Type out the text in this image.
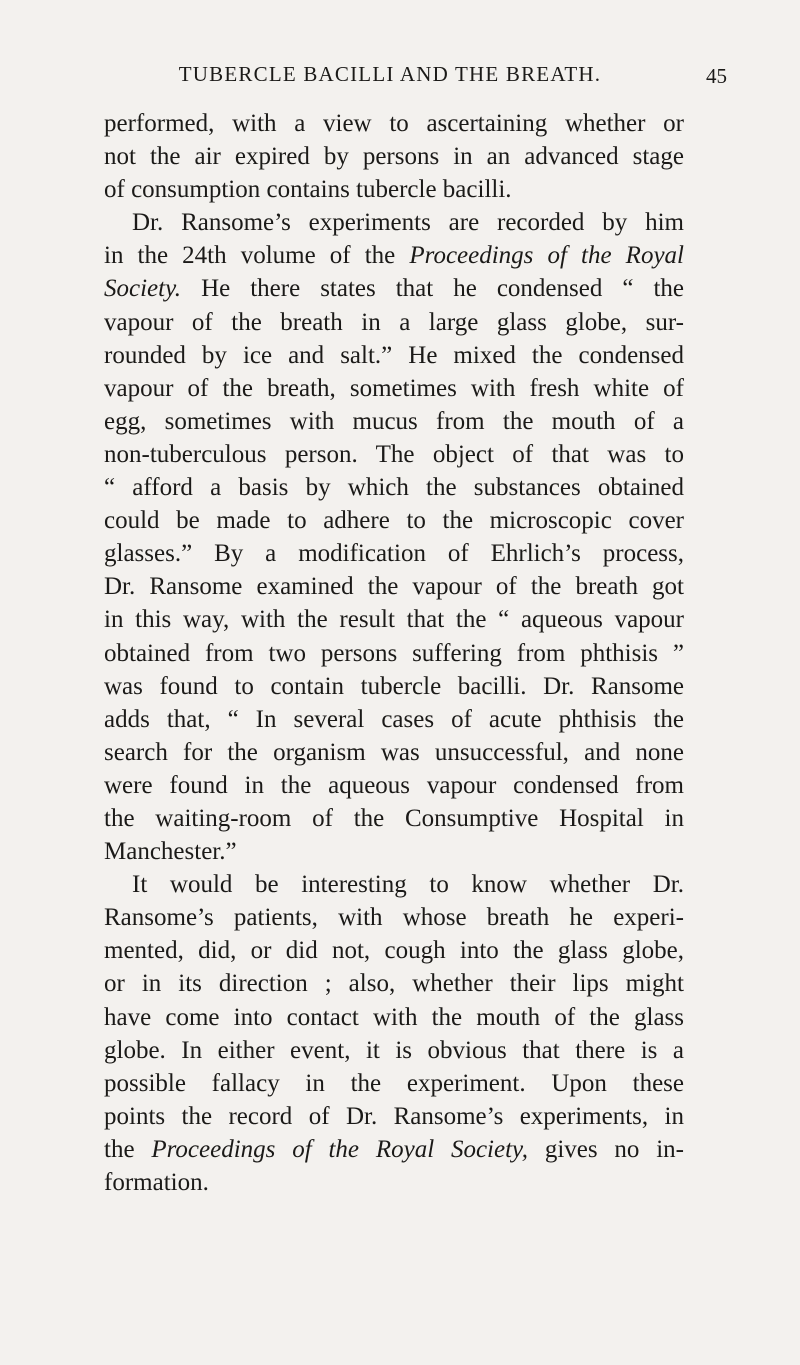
TUBERCLE BACILLI AND THE BREATH.	45
performed, with a view to ascertaining whether or
not the air expired by persons in an advanced stage
of consumption contains tubercle bacilli.
Dr. Ransome’s experiments are recorded by him
in the 24th volume of the Proceedings of the Royal
Society. He there states that he condensed “ the
vapour of the breath in a large glass globe, sur-
rounded by ice and salt.” He mixed the condensed
vapour of the breath, sometimes with fresh white of
egg, sometimes with mucus from the mouth of a
non-tuberculous person. The object of that was to
“ afford a basis by which the substances obtained
could be made to adhere to the microscopic cover
glasses.” By a modification of Ehrlich’s process,
Dr. Ransome examined the vapour of the breath got
in this way, with the result that the “ aqueous vapour
obtained from two persons suffering from phthisis ”
was found to contain tubercle bacilli. Dr. Ransome
adds that, “ In several cases of acute phthisis the
search for the organism was unsuccessful, and none
were found in the aqueous vapour condensed from
the waiting-room of the Consumptive Hospital in
Manchester.”
It would be interesting to know whether Dr.
Ransome’s patients, with whose breath he experi-
mented, did, or did not, cough into the glass globe,
or in its direction ; also, whether their lips might
have come into contact with the mouth of the glass
globe. In either event, it is obvious that there is a
possible fallacy in the experiment. Upon these
points the record of Dr. Ransome’s experiments, in
the Proceedings of the Royal Society, gives no in-
formation.
